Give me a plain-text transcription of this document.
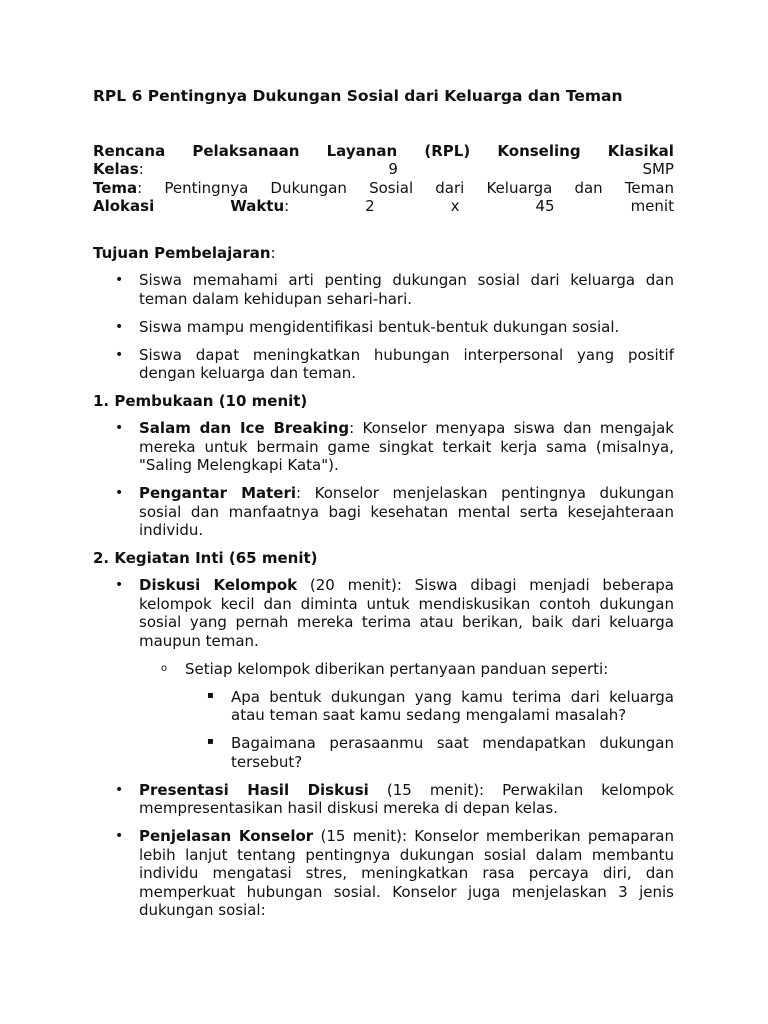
RPL 6 Pentingnya Dukungan Sosial dari Keluarga dan Teman
Rencana Pelaksanaan Layanan (RPL) Konseling Klasikal
Kelas:	9	SMP
Tema: Pentingnya Dukungan Sosial dari Keluarga dan Teman
Alokasi	Waktu:	2	x	45	menit

Tujuan Pembelajaran:

• Siswa memahami arti penting dukungan sosial dari keluarga dan teman dalam kehidupan sehari-hari.
• Siswa mampu mengidentifikasi bentuk-bentuk dukungan sosial.
• Siswa dapat meningkatkan hubungan interpersonal yang positif dengan keluarga dan teman.

1. Pembukaan (10 menit)

• Salam dan Ice Breaking: Konselor menyapa siswa dan mengajak mereka untuk bermain game singkat terkait kerja sama (misalnya, "Saling Melengkapi Kata").
• Pengantar Materi: Konselor menjelaskan pentingnya dukungan sosial dan manfaatnya bagi kesehatan mental serta kesejahteraan individu.

2. Kegiatan Inti (65 menit)

• Diskusi Kelompok (20 menit): Siswa dibagi menjadi beberapa kelompok kecil dan diminta untuk mendiskusikan contoh dukungan sosial yang pernah mereka terima atau berikan, baik dari keluarga maupun teman.
o Setiap kelompok diberikan pertanyaan panduan seperti:
▪ Apa bentuk dukungan yang kamu terima dari keluarga atau teman saat kamu sedang mengalami masalah?
▪ Bagaimana perasaanmu saat mendapatkan dukungan tersebut?
• Presentasi Hasil Diskusi (15 menit): Perwakilan kelompok mempresentasikan hasil diskusi mereka di depan kelas.
• Penjelasan Konselor (15 menit): Konselor memberikan pemaparan lebih lanjut tentang pentingnya dukungan sosial dalam membantu individu mengatasi stres, meningkatkan rasa percaya diri, dan memperkuat hubungan sosial. Konselor juga menjelaskan 3 jenis dukungan sosial:
